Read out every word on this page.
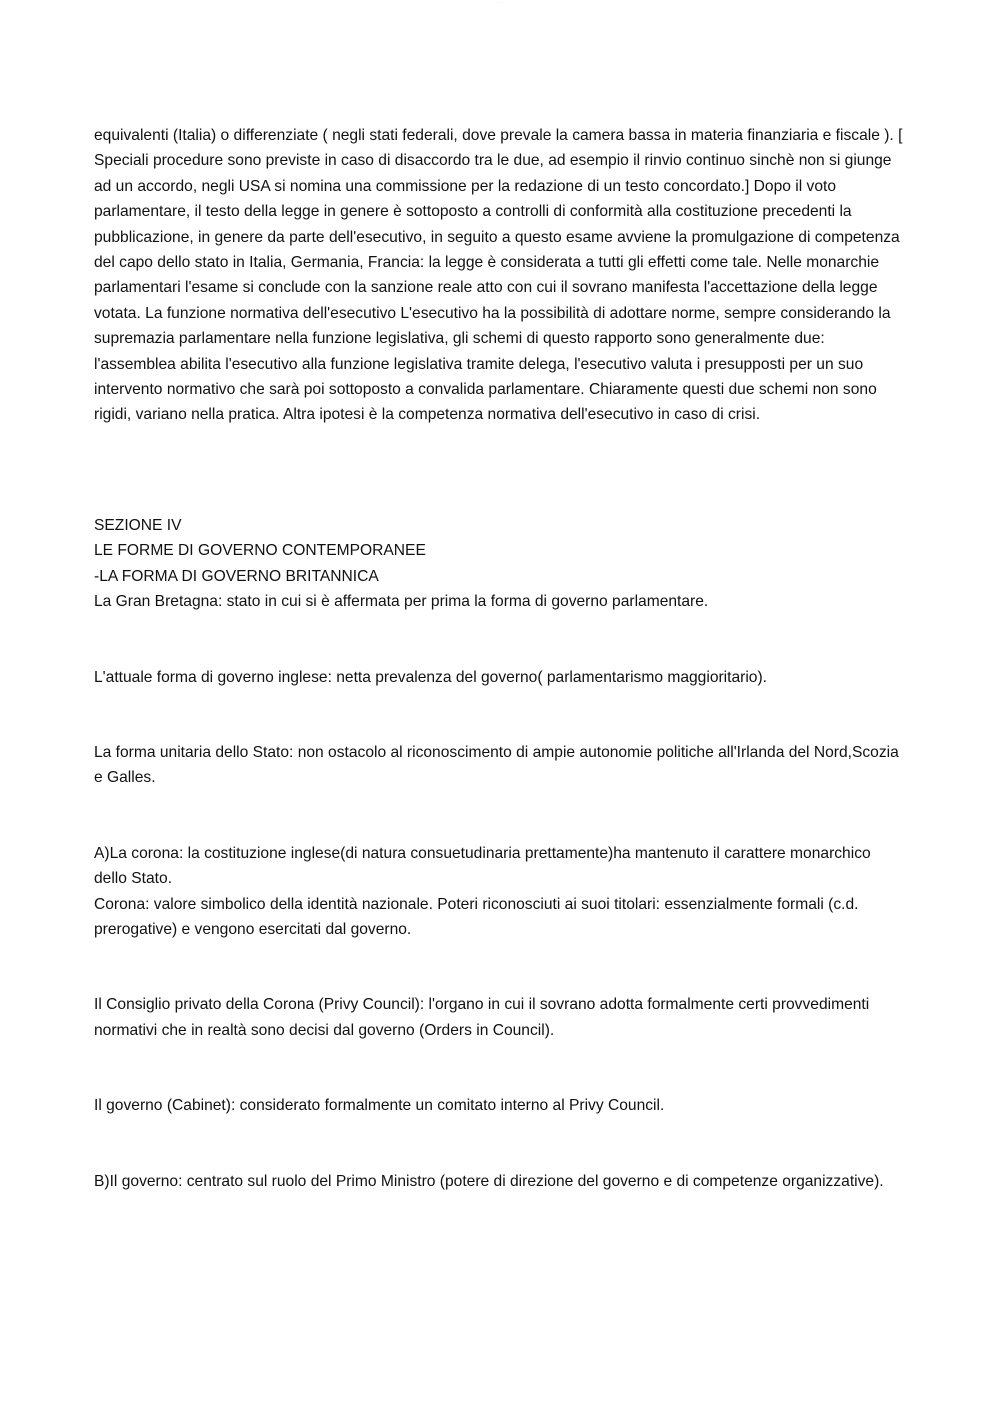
·········

equivalenti (Italia) o differenziate ( negli stati federali, dove prevale la camera bassa in materia finanziaria e fiscale ). [ Speciali procedure sono previste in caso di disaccordo tra le due, ad esempio il rinvio continuo sinchè non si giunge ad un accordo, negli USA si nomina una commissione per la redazione di un testo concordato.] Dopo il voto parlamentare, il testo della legge in genere è sottoposto a controlli di conformità alla costituzione precedenti la pubblicazione, in genere da parte dell'esecutivo, in seguito a questo esame avviene la promulgazione di competenza del capo dello stato in Italia, Germania, Francia: la legge è considerata a tutti gli effetti come tale. Nelle monarchie parlamentari l'esame si conclude con la sanzione reale atto con cui il sovrano manifesta l'accettazione della legge votata. La funzione normativa dell'esecutivo L'esecutivo ha la possibilità di adottare norme, sempre considerando la supremazia parlamentare nella funzione legislativa, gli schemi di questo rapporto sono generalmente due: l'assemblea abilita l'esecutivo alla funzione legislativa tramite delega, l'esecutivo valuta i presupposti per un suo intervento normativo che sarà poi sottoposto a convalida parlamentare. Chiaramente questi due schemi non sono rigidi, variano nella pratica. Altra ipotesi è la competenza normativa dell'esecutivo in caso di crisi.

SEZIONE IV

LE FORME DI GOVERNO CONTEMPORANEE

-LA FORMA DI GOVERNO BRITANNICA

La Gran Bretagna: stato in cui si è affermata per prima la forma di governo parlamentare.

L'attuale forma di governo inglese: netta prevalenza del governo( parlamentarismo maggioritario).

La forma unitaria dello Stato: non ostacolo al riconoscimento di ampie autonomie politiche all'Irlanda del Nord,Scozia e Galles.

A)La corona: la costituzione inglese(di natura consuetudinaria prettamente)ha mantenuto il carattere monarchico dello Stato.

Corona: valore simbolico della identità nazionale. Poteri riconosciuti ai suoi titolari: essenzialmente formali (c.d. prerogative) e vengono esercitati dal governo.

Il Consiglio privato della Corona (Privy Council): l'organo in cui il sovrano adotta formalmente certi provvedimenti normativi che in realtà sono decisi dal governo (Orders in Council).

Il governo (Cabinet): considerato formalmente un comitato interno al Privy Council.

B)Il governo: centrato sul ruolo del Primo Ministro (potere di direzione del governo e di competenze organizzative).
